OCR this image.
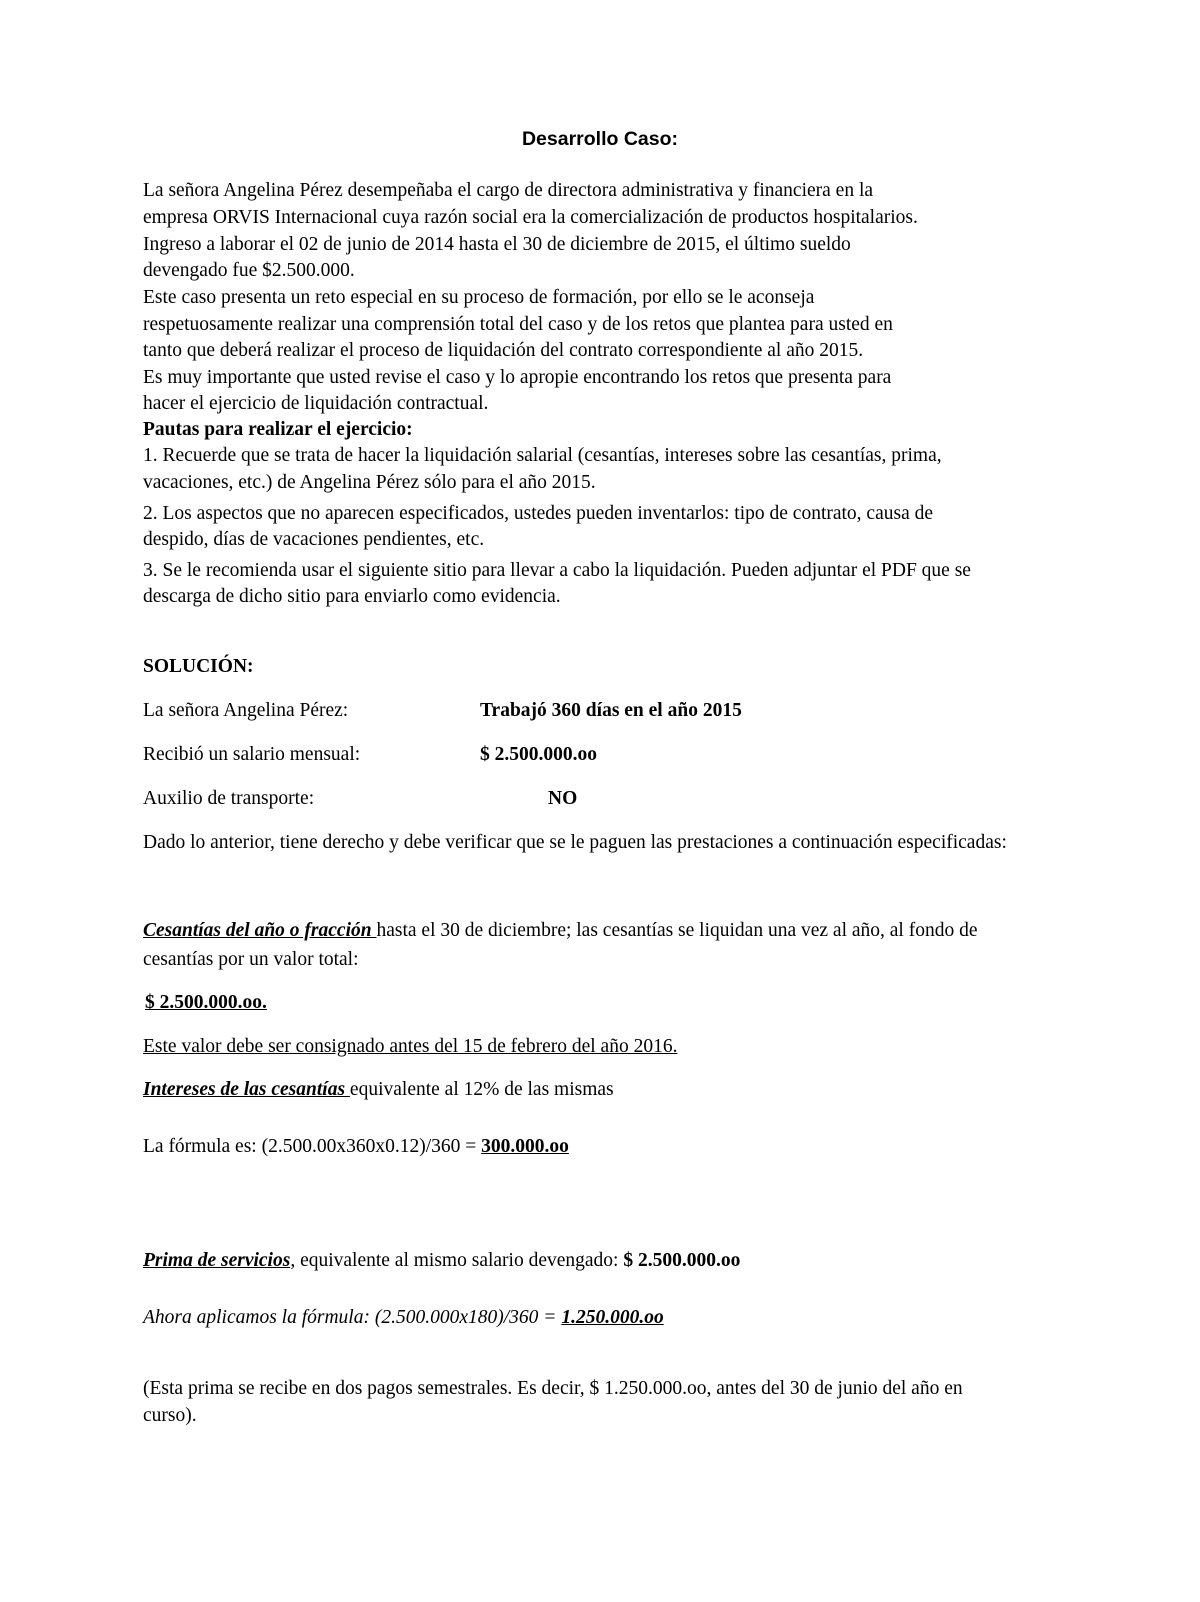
Desarrollo Caso:
La señora Angelina Pérez desempeñaba el cargo de directora administrativa y financiera en la
empresa ORVIS Internacional cuya razón social era la comercialización de productos hospitalarios.
Ingreso a laborar el 02 de junio de 2014 hasta el 30 de diciembre de 2015, el último sueldo
devengado fue $2.500.000.
Este caso presenta un reto especial en su proceso de formación, por ello se le aconseja
respetuosamente realizar una comprensión total del caso y de los retos que plantea para usted en
tanto que deberá realizar el proceso de liquidación del contrato correspondiente al año 2015.
Es muy importante que usted revise el caso y lo apropie encontrando los retos que presenta para
hacer el ejercicio de liquidación contractual.
Pautas para realizar el ejercicio:
1. Recuerde que se trata de hacer la liquidación salarial (cesantías, intereses sobre las cesantías, prima,
vacaciones, etc.) de Angelina Pérez sólo para el año 2015.
2. Los aspectos que no aparecen especificados, ustedes pueden inventarlos: tipo de contrato, causa de
despido, días de vacaciones pendientes, etc.
3. Se le recomienda usar el siguiente sitio para llevar a cabo la liquidación. Pueden adjuntar el PDF que se
descarga de dicho sitio para enviarlo como evidencia.
SOLUCIÓN:
La señora Angelina Pérez:	Trabajó 360 días en el año 2015
Recibió un salario mensual:	$ 2.500.000.oo
Auxilio de transporte:	NO
Dado lo anterior, tiene derecho y debe verificar que se le paguen las prestaciones a continuación especificadas:
Cesantías del año o fracción hasta el 30 de diciembre; las cesantías se liquidan una vez al año, al fondo de
cesantías por un valor total:
$ 2.500.000.oo.
Este valor debe ser consignado antes del 15 de febrero del año 2016.
Intereses de las cesantías equivalente al 12% de las mismas
La fórmula es: (2.500.00x360x0.12)/360 = 300.000.oo
Prima de servicios, equivalente al mismo salario devengado: $ 2.500.000.oo
Ahora aplicamos la fórmula: (2.500.000x180)/360 = 1.250.000.oo
(Esta prima se recibe en dos pagos semestrales. Es decir, $ 1.250.000.oo, antes del 30 de junio del año en
curso).
